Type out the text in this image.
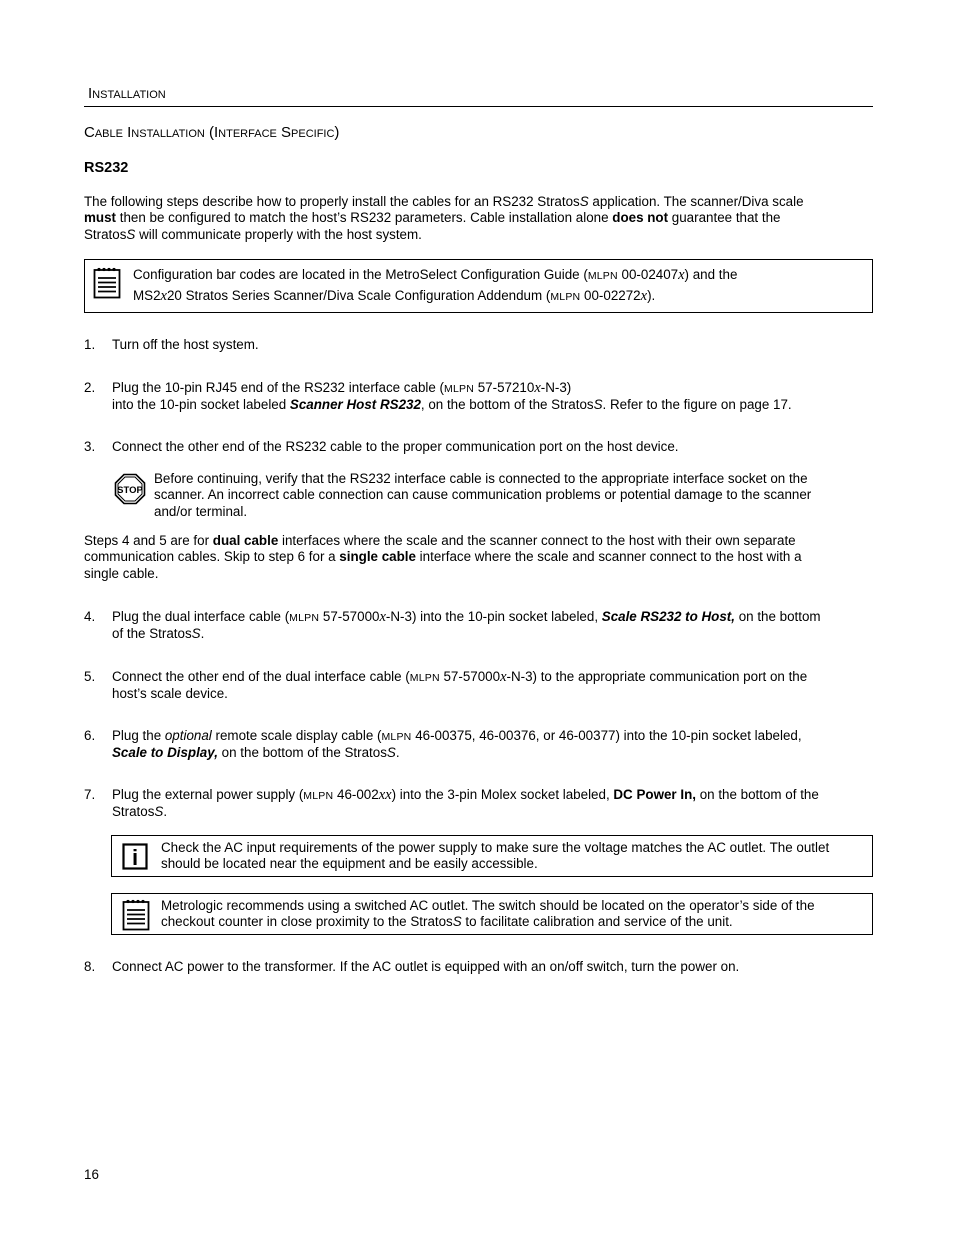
Installation
Cable Installation (Interface Specific)
RS232
The following steps describe how to properly install the cables for an RS232 StratosS application. The scanner/Diva scale
must then be configured to match the host’s RS232 parameters. Cable installation alone does not guarantee that the
StratosS will communicate properly with the host system.
Configuration bar codes are located in the MetroSelect Configuration Guide (MLPN 00-02407x) and the
MS2x20 Stratos Series Scanner/Diva Scale Configuration Addendum (MLPN 00-02272x).
1. Turn off the host system.
2. Plug the 10-pin RJ45 end of the RS232 interface cable (MLPN 57-57210x-N-3)
into the 10-pin socket labeled Scanner Host RS232, on the bottom of the StratosS. Refer to the figure on page 17.
3. Connect the other end of the RS232 cable to the proper communication port on the host device.
STOP
Before continuing, verify that the RS232 interface cable is connected to the appropriate interface socket on the
scanner. An incorrect cable connection can cause communication problems or potential damage to the scanner
and/or terminal.
Steps 4 and 5 are for dual cable interfaces where the scale and the scanner connect to the host with their own separate
communication cables. Skip to step 6 for a single cable interface where the scale and scanner connect to the host with a
single cable.
4. Plug the dual interface cable (MLPN 57-57000x-N-3) into the 10-pin socket labeled, Scale RS232 to Host, on the bottom
of the StratosS.
5. Connect the other end of the dual interface cable (MLPN 57-57000x-N-3) to the appropriate communication port on the
host’s scale device.
6. Plug the optional remote scale display cable (MLPN 46-00375, 46-00376, or 46-00377) into the 10-pin socket labeled,
Scale to Display, on the bottom of the StratosS.
7. Plug the external power supply (MLPN 46-002xx) into the 3-pin Molex socket labeled, DC Power In, on the bottom of the
StratosS.
i Check the AC input requirements of the power supply to make sure the voltage matches the AC outlet. The outlet
should be located near the equipment and be easily accessible.
Metrologic recommends using a switched AC outlet. The switch should be located on the operator’s side of the
checkout counter in close proximity to the StratosS to facilitate calibration and service of the unit.
8. Connect AC power to the transformer. If the AC outlet is equipped with an on/off switch, turn the power on.
16
